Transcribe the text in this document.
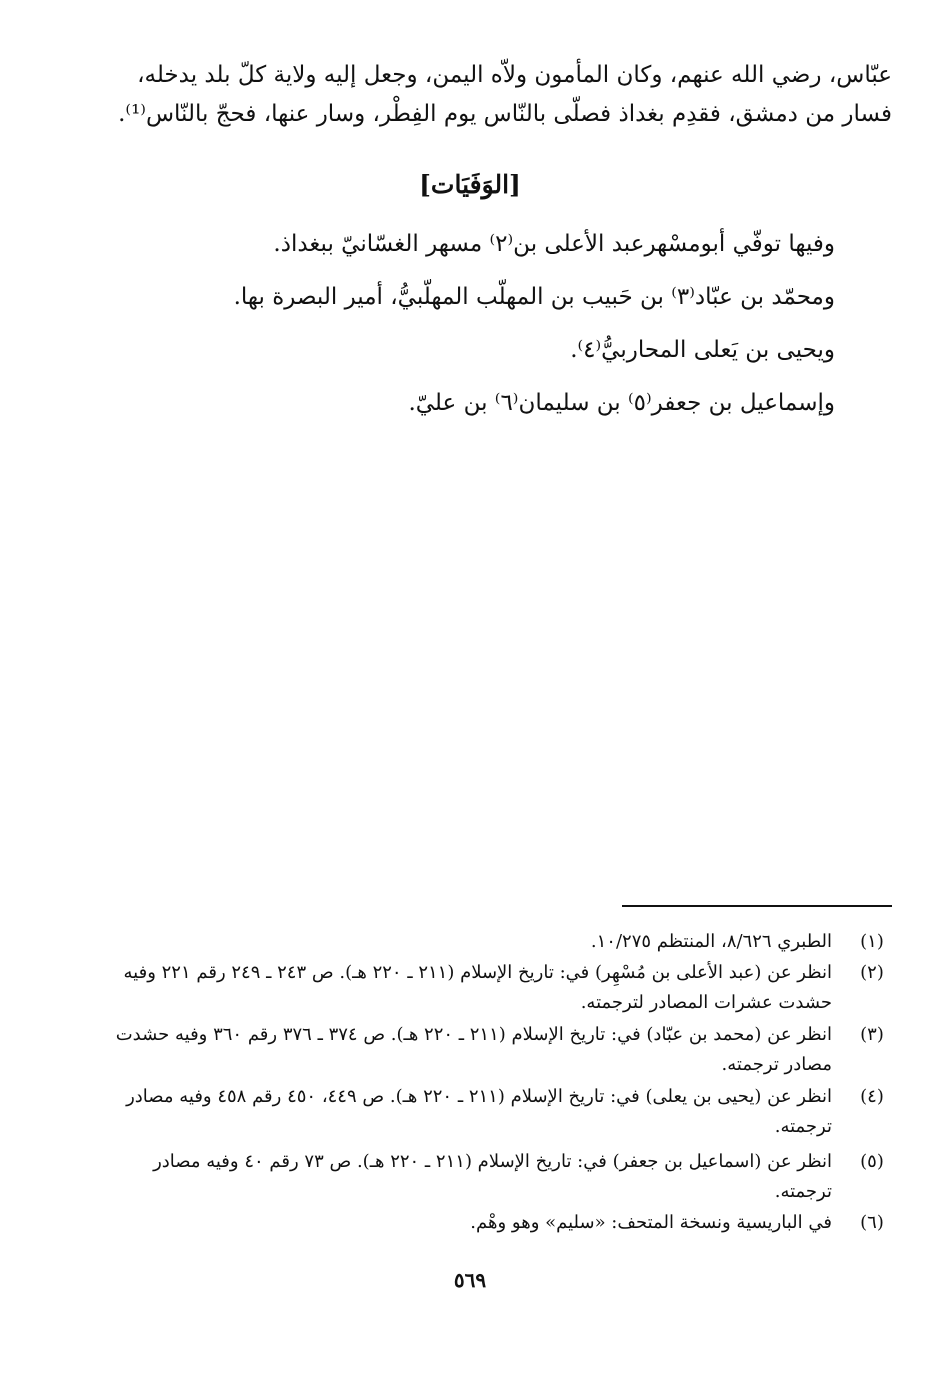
عبّاس، رضي الله عنهم، وكان المأمون ولاّه اليمن، وجعل إليه ولاية كلّ بلد يدخله،
فسار من دمشق، فقدِم بغداذ فصلّى بالنّاس يوم الفِطْر، وسار عنها، فحجّ بالنّاس⁽¹⁾.
[الوَفَيَات]
وفيها توفّي أبومسْهرعبد الأعلى بن⁽٢⁾ مسهر الغسّانيّ ببغداذ.
ومحمّد بن عبّاد⁽٣⁾ بن حَبيب بن المهلّب المهلّبيُّ، أمير البصرة بها.
ويحيى بن يَعلى المحاربيُّ⁽٤⁾.
وإسماعيل بن جعفر⁽٥⁾ بن سليمان⁽٦⁾ بن عليّ.
(١)
الطبري ٨/٦٢٦، المنتظم ١٠/٢٧٥.
(٢)
انظر عن (عبد الأعلى بن مُسْهِر) في: تاريخ الإسلام (٢١١ ـ ٢٢٠ هـ). ص ٢٤٣ ـ ٢٤٩ رقم ٢٢١ وفيه حشدت عشرات المصادر لترجمته.
(٣)
انظر عن (محمد بن عبّاد) في: تاريخ الإسلام (٢١١ ـ ٢٢٠ هـ). ص ٣٧٤ ـ ٣٧٦ رقم ٣٦٠ وفيه حشدت مصادر ترجمته.
(٤)
انظر عن (يحيى بن يعلى) في: تاريخ الإسلام (٢١١ ـ ٢٢٠ هـ). ص ٤٤٩، ٤٥٠ رقم ٤٥٨ وفيه مصادر ترجمته.
(٥)
انظر عن (اسماعيل بن جعفر) في: تاريخ الإسلام (٢١١ ـ ٢٢٠ هـ). ص ٧٣ رقم ٤٠ وفيه مصادر ترجمته.
(٦)
في الباريسية ونسخة المتحف: «سليم» وهو وهْم.
٥٦٩
